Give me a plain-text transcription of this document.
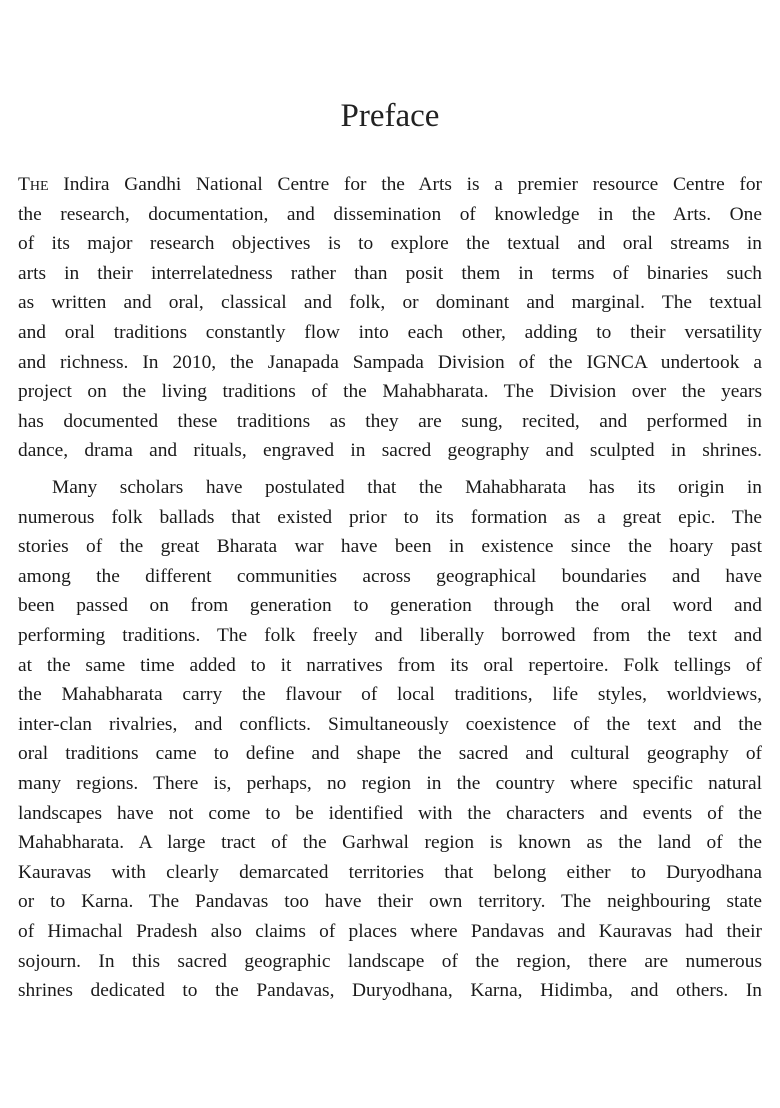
Preface
The Indira Gandhi National Centre for the Arts is a premier resource Centre for
the research, documentation, and dissemination of knowledge in the Arts. One
of its major research objectives is to explore the textual and oral streams in
arts in their interrelatedness rather than posit them in terms of binaries such
as written and oral, classical and folk, or dominant and marginal. The textual
and oral traditions constantly flow into each other, adding to their versatility
and richness. In 2010, the Janapada Sampada Division of the IGNCA undertook a
project on the living traditions of the Mahabharata. The Division over the years
has documented these traditions as they are sung, recited, and performed in
dance, drama and rituals, engraved in sacred geography and sculpted in shrines.
Many scholars have postulated that the Mahabharata has its origin in
numerous folk ballads that existed prior to its formation as a great epic. The
stories of the great Bharata war have been in existence since the hoary past
among the different communities across geographical boundaries and have
been passed on from generation to generation through the oral word and
performing traditions. The folk freely and liberally borrowed from the text and
at the same time added to it narratives from its oral repertoire. Folk tellings of
the Mahabharata carry the flavour of local traditions, life styles, worldviews,
inter-clan rivalries, and conflicts. Simultaneously coexistence of the text and the
oral traditions came to define and shape the sacred and cultural geography of
many regions. There is, perhaps, no region in the country where specific natural
landscapes have not come to be identified with the characters and events of the
Mahabharata. A large tract of the Garhwal region is known as the land of the
Kauravas with clearly demarcated territories that belong either to Duryodhana
or to Karna. The Pandavas too have their own territory. The neighbouring state
of Himachal Pradesh also claims of places where Pandavas and Kauravas had their
sojourn. In this sacred geographic landscape of the region, there are numerous
shrines dedicated to the Pandavas, Duryodhana, Karna, Hidimba, and others. In
